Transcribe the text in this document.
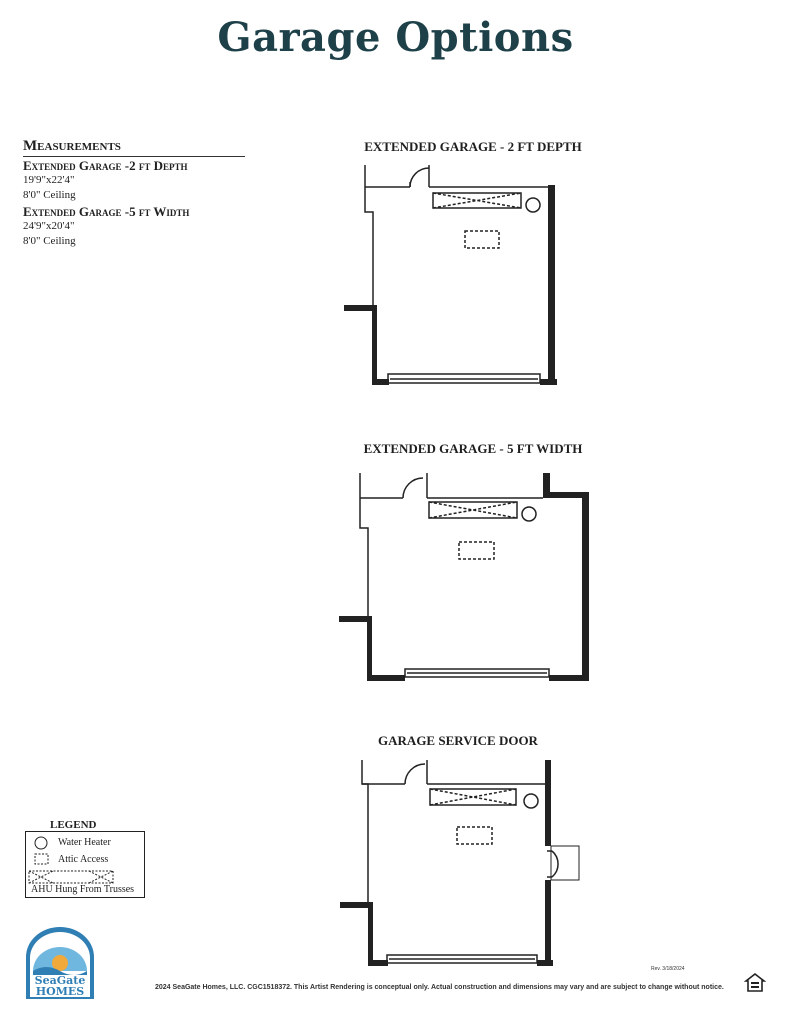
Garage Options
Measurements
Extended Garage -2 ft Depth
19'9"x22'4"
8'0" Ceiling
Extended Garage -5 ft Width
24'9"x20'4"
8'0" Ceiling
EXTENDED GARAGE - 2 FT DEPTH
EXTENDED GARAGE - 5 FT WIDTH
GARAGE SERVICE DOOR
LEGEND
Water Heater
Attic Access
AHU Hung From Trusses
SeaGate
HOMES
Rev. 3/18/2024
2024 SeaGate Homes, LLC. CGC1518372. This Artist Rendering is conceptual only. Actual construction and dimensions may vary and are subject to change without notice.
